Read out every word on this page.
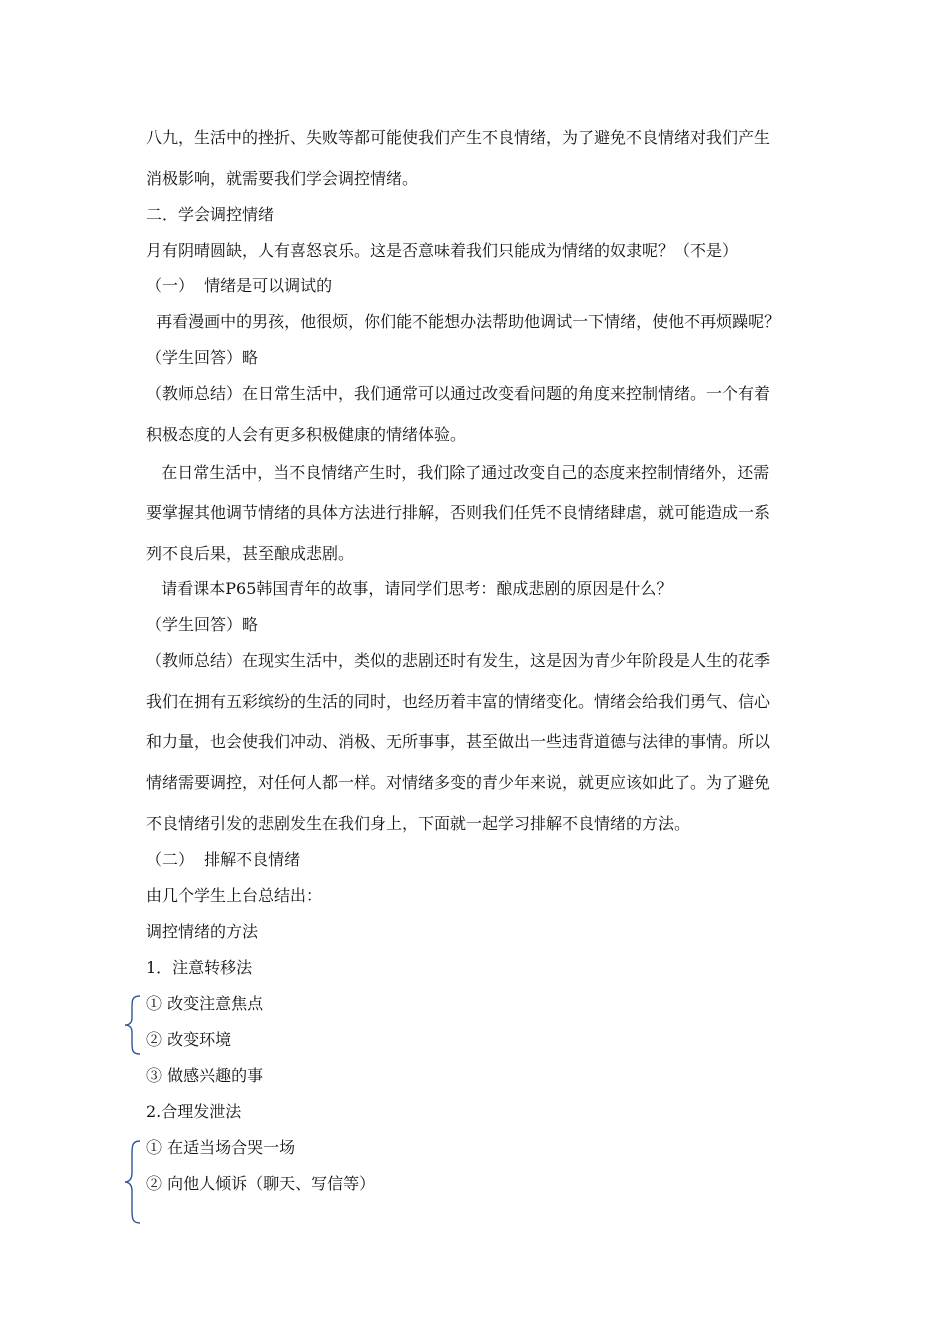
八九，生活中的挫折、失败等都可能使我们产生不良情绪，为了避免不良情绪对我们产生
消极影响，就需要我们学会调控情绪。
二．学会调控情绪
月有阴晴圆缺，人有喜怒哀乐。这是否意味着我们只能成为情绪的奴隶呢？（不是）
（一）  情绪是可以调试的
再看漫画中的男孩，他很烦，你们能不能想办法帮助他调试一下情绪，使他不再烦躁呢？
（学生回答）略
（教师总结）在日常生活中，我们通常可以通过改变看问题的角度来控制情绪。一个有着
积极态度的人会有更多积极健康的情绪体验。
在日常生活中，当不良情绪产生时，我们除了通过改变自己的态度来控制情绪外，还需
要掌握其他调节情绪的具体方法进行排解，否则我们任凭不良情绪肆虐，就可能造成一系
列不良后果，甚至酿成悲剧。
请看课本P65韩国青年的故事，请同学们思考：酿成悲剧的原因是什么？
（学生回答）略
（教师总结）在现实生活中，类似的悲剧还时有发生，这是因为青少年阶段是人生的花季
我们在拥有五彩缤纷的生活的同时，也经历着丰富的情绪变化。情绪会给我们勇气、信心
和力量，也会使我们冲动、消极、无所事事，甚至做出一些违背道德与法律的事情。所以
情绪需要调控，对任何人都一样。对情绪多变的青少年来说，就更应该如此了。为了避免
不良情绪引发的悲剧发生在我们身上，下面就一起学习排解不良情绪的方法。
（二）  排解不良情绪
由几个学生上台总结出：
调控情绪的方法
1．注意转移法
① 改变注意焦点
② 改变环境
③ 做感兴趣的事
2.合理发泄法
① 在适当场合哭一场
② 向他人倾诉（聊天、写信等）
